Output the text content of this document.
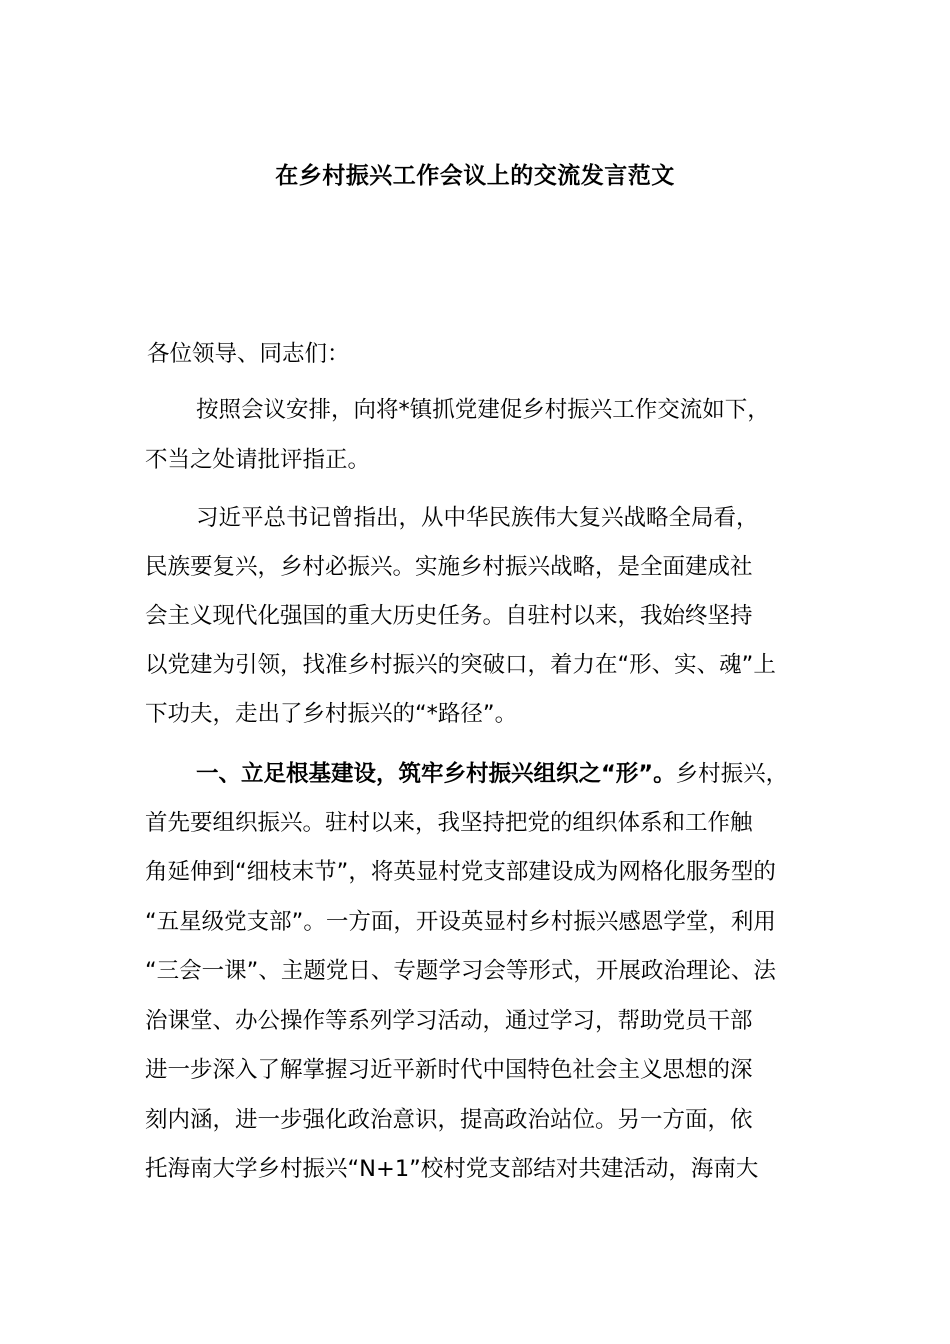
在乡村振兴工作会议上的交流发言范文
各位领导、同志们：
按照会议安排，向将*镇抓党建促乡村振兴工作交流如下，
不当之处请批评指正。
习近平总书记曾指出，从中华民族伟大复兴战略全局看，
民族要复兴，乡村必振兴。实施乡村振兴战略，是全面建成社
会主义现代化强国的重大历史任务。自驻村以来，我始终坚持
以党建为引领，找准乡村振兴的突破口，着力在“形、实、魂”上
下功夫，走出了乡村振兴的“*路径”。
一、立足根基建设，筑牢乡村振兴组织之“形”。乡村振兴，
首先要组织振兴。驻村以来，我坚持把党的组织体系和工作触
角延伸到“细枝末节”，将英显村党支部建设成为网格化服务型的
“五星级党支部”。一方面，开设英显村乡村振兴感恩学堂，利用
“三会一课”、主题党日、专题学习会等形式，开展政治理论、法
治课堂、办公操作等系列学习活动，通过学习，帮助党员干部
进一步深入了解掌握习近平新时代中国特色社会主义思想的深
刻内涵，进一步强化政治意识，提高政治站位。另一方面，依
托海南大学乡村振兴“N+1”校村党支部结对共建活动，海南大
